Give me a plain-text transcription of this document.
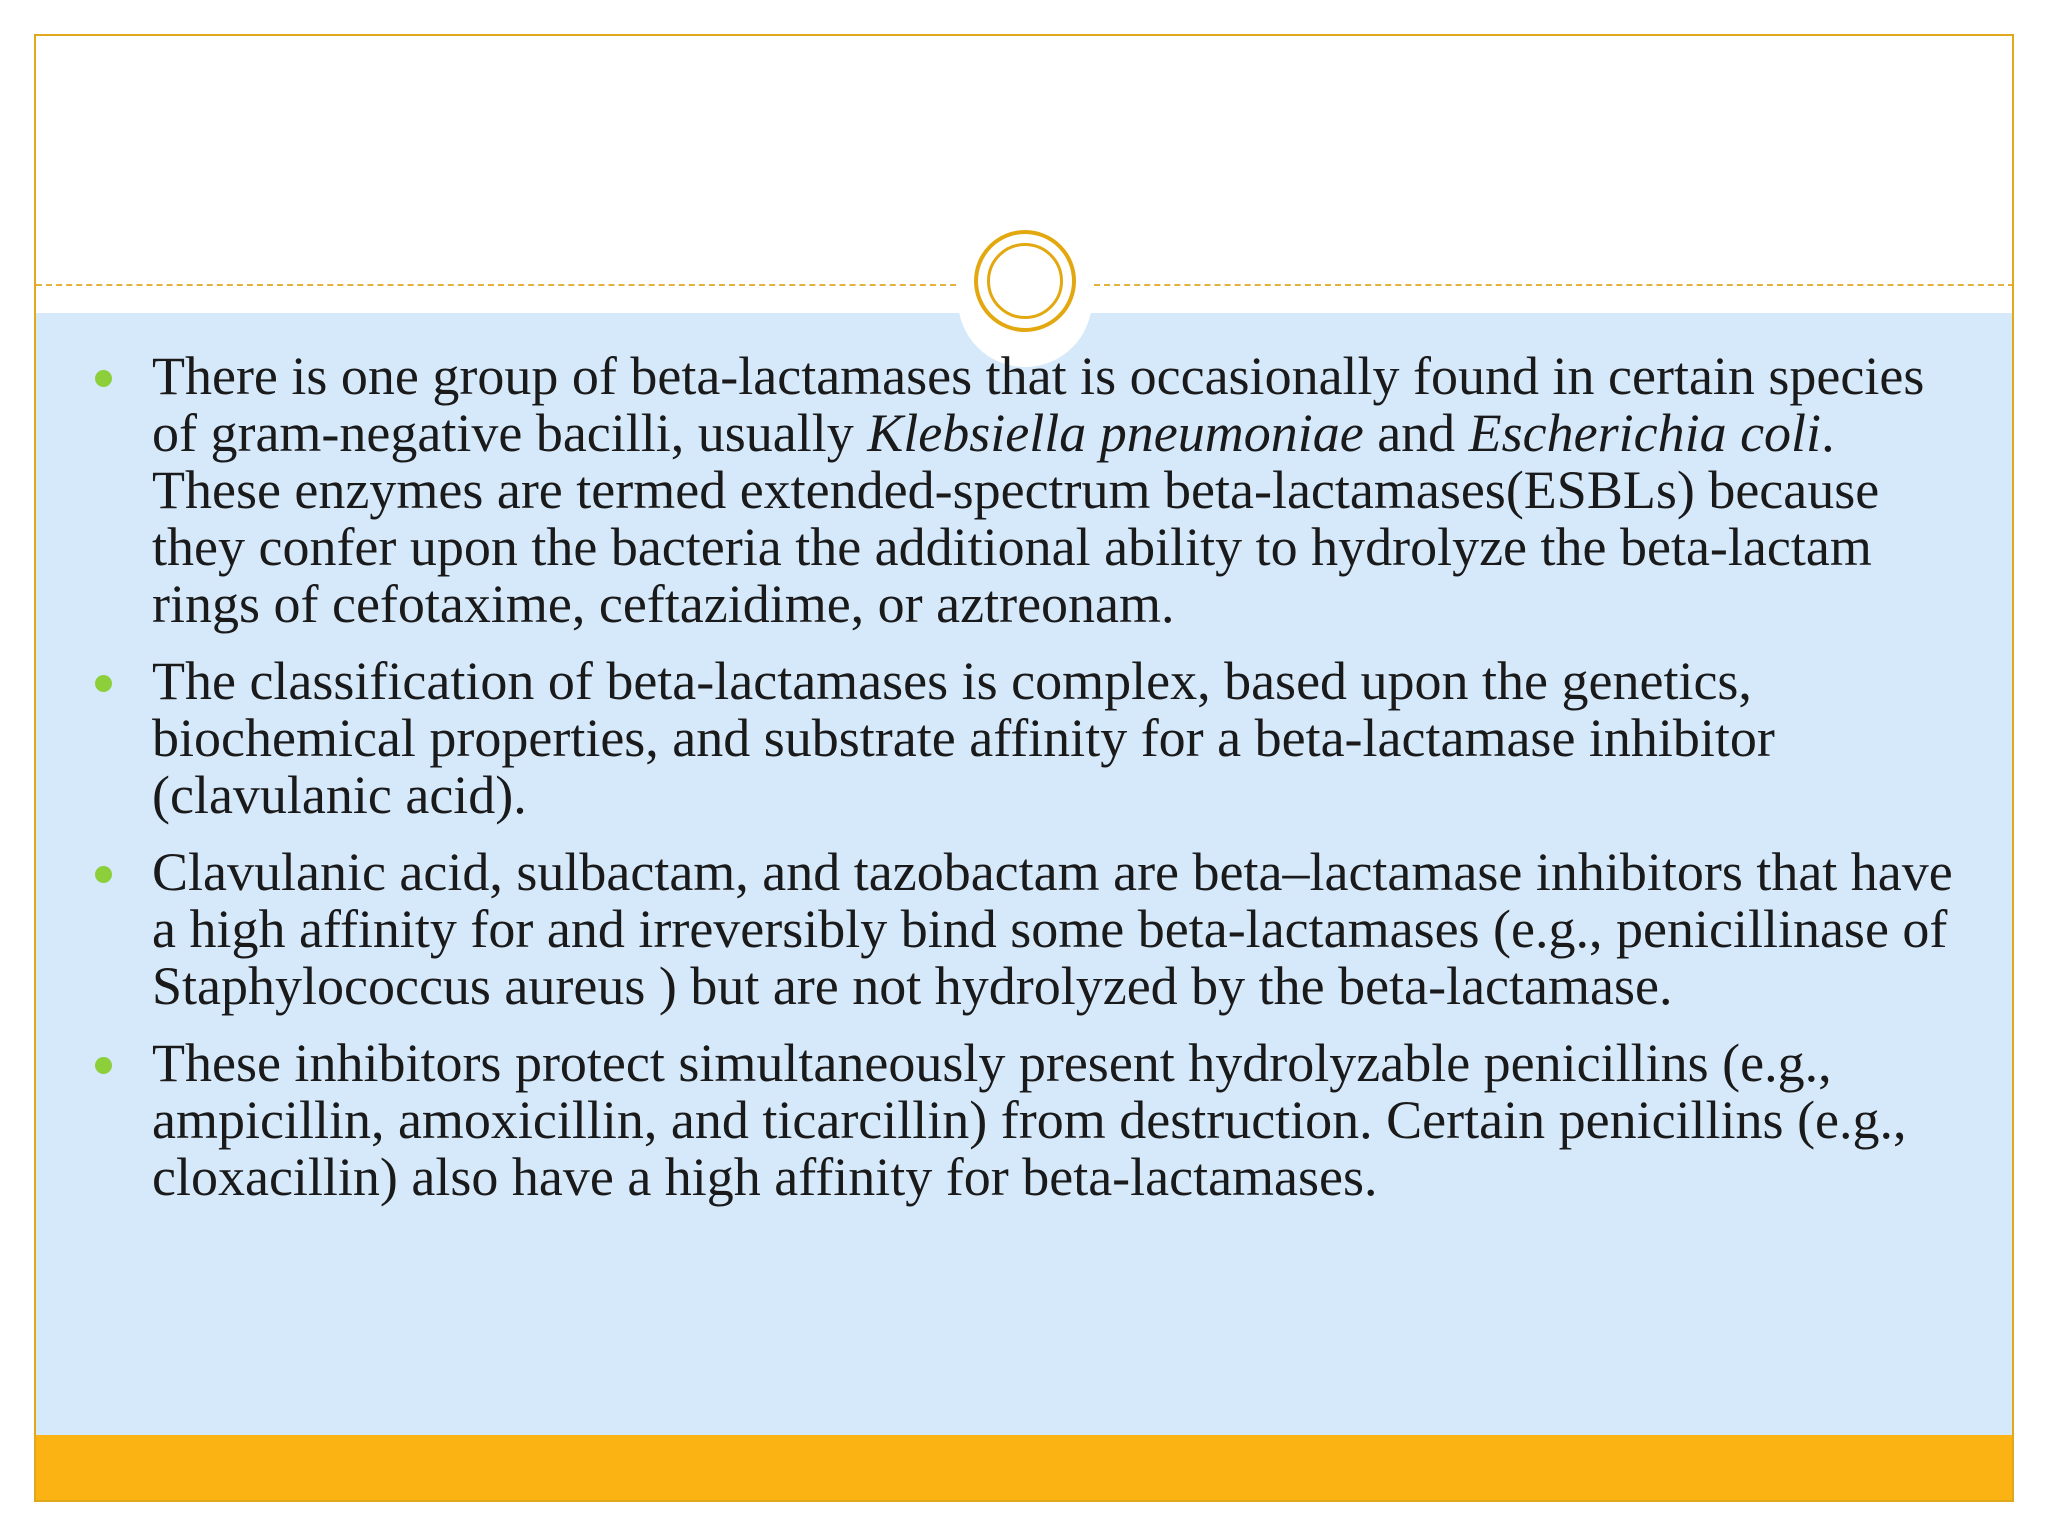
There is one group of beta-lactamases that is occasionally found in certain species of gram-negative bacilli, usually Klebsiella pneumoniae and Escherichia coli. These enzymes are termed extended-spectrum beta-lactamases(ESBLs) because they confer upon the bacteria the additional ability to hydrolyze the beta-lactam rings of cefotaxime, ceftazidime, or aztreonam.
The classification of beta-lactamases is complex, based upon the genetics, biochemical properties, and substrate affinity for a beta-lactamase inhibitor (clavulanic acid).
Clavulanic acid, sulbactam, and tazobactam are beta–lactamase inhibitors that have a high affinity for and irreversibly bind some beta-lactamases (e.g., penicillinase of Staphylococcus aureus ) but are not hydrolyzed by the beta-lactamase.
These inhibitors protect simultaneously present hydrolyzable penicillins (e.g., ampicillin, amoxicillin, and ticarcillin) from destruction. Certain penicillins (e.g., cloxacillin) also have a high affinity for beta-lactamases.
